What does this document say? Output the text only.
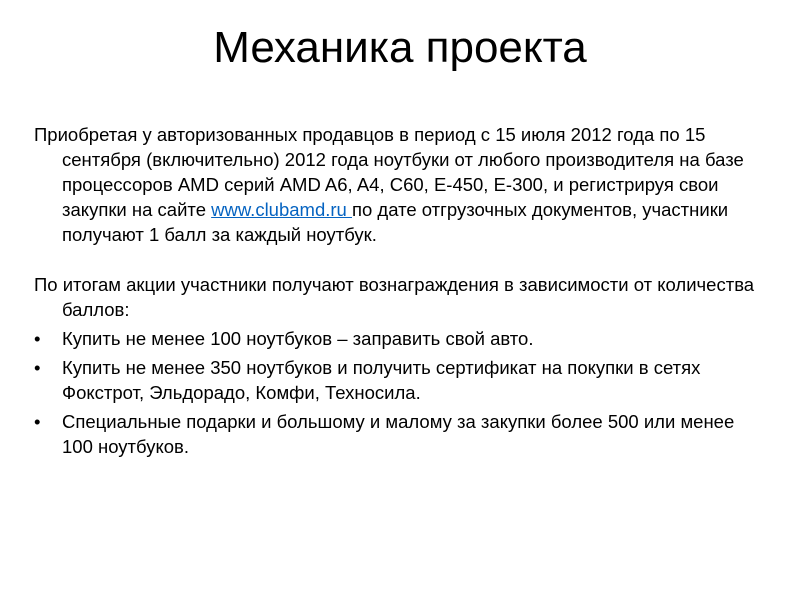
Механика проекта

Приобретая у авторизованных продавцов в период с 15 июля 2012 года по 15 сентября (включительно) 2012 года ноутбуки от любого производителя на базе процессоров AMD серий AMD A6, A4, C60, E-450, E-300, и регистрируя свои закупки на сайте www.clubamd.ru по дате отгрузочных документов, участники получают 1 балл за каждый ноутбук.

По итогам акции участники получают вознаграждения в зависимости от количества баллов:

•	Купить не менее 100 ноутбуков – заправить свой авто.
•	Купить не менее 350 ноутбуков и получить сертификат на покупки в сетях Фокстрот, Эльдорадо, Комфи, Техносила.
•	Специальные подарки и большому и малому за закупки более 500 или менее 100 ноутбуков.
